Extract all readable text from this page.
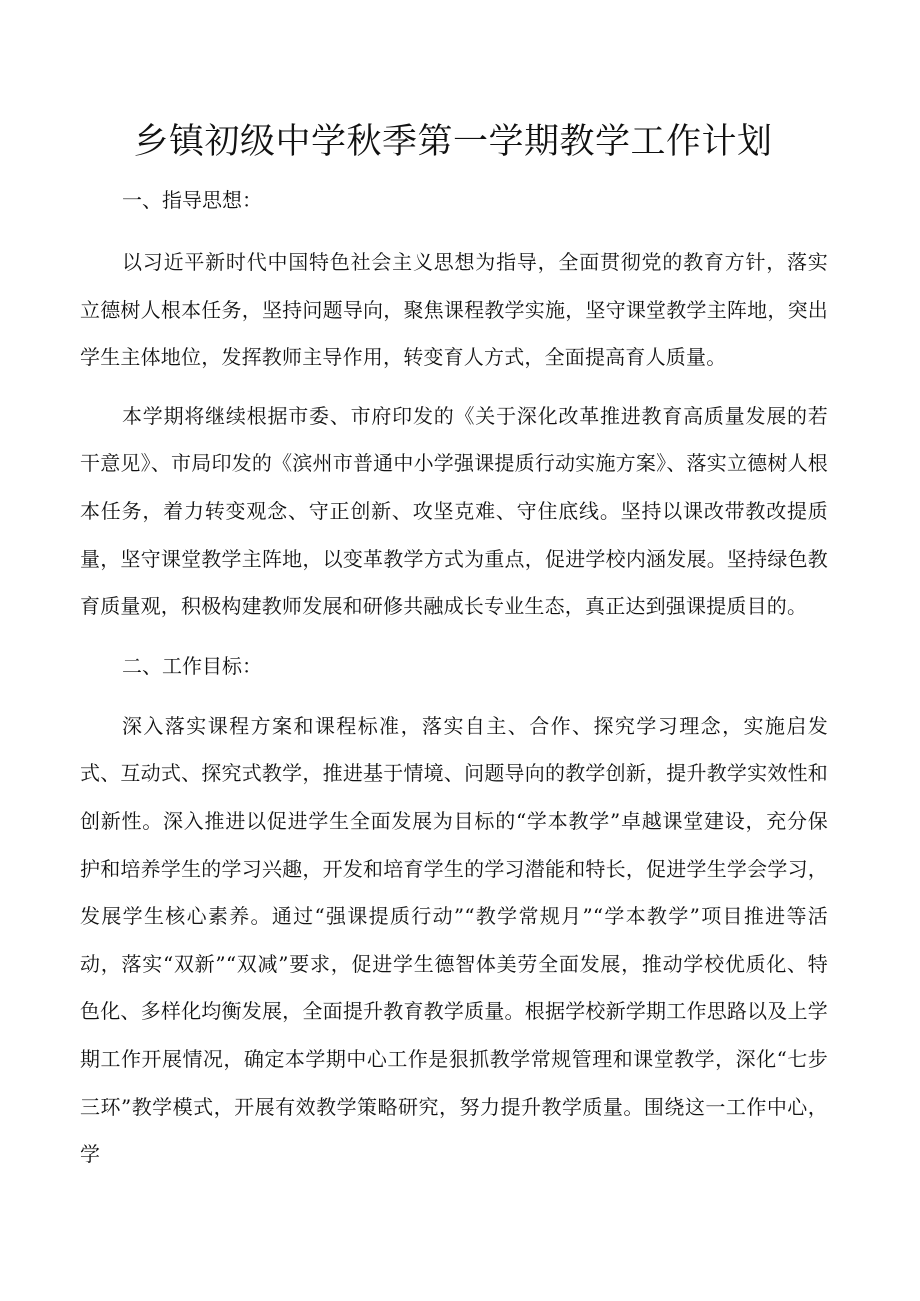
乡镇初级中学秋季第一学期教学工作计划
一、指导思想：

以习近平新时代中国特色社会主义思想为指导，全面贯彻党的教育方针，落实立德树人根本任务，坚持问题导向，聚焦课程教学实施，坚守课堂教学主阵地，突出学生主体地位，发挥教师主导作用，转变育人方式，全面提高育人质量。

本学期将继续根据市委、市府印发的《关于深化改革推进教育高质量发展的若干意见》、市局印发的《滨州市普通中小学强课提质行动实施方案》、落实立德树人根本任务，着力转变观念、守正创新、攻坚克难、守住底线。坚持以课改带教改提质量，坚守课堂教学主阵地，以变革教学方式为重点，促进学校内涵发展。坚持绿色教育质量观，积极构建教师发展和研修共融成长专业生态，真正达到强课提质目的。

二、工作目标：

深入落实课程方案和课程标准，落实自主、合作、探究学习理念，实施启发式、互动式、探究式教学，推进基于情境、问题导向的教学创新，提升教学实效性和创新性。深入推进以促进学生全面发展为目标的“学本教学”卓越课堂建设，充分保护和培养学生的学习兴趣，开发和培育学生的学习潜能和特长，促进学生学会学习，发展学生核心素养。通过“强课提质行动”“教学常规月”“学本教学”项目推进等活动，落实“双新”“双减”要求，促进学生德智体美劳全面发展，推动学校优质化、特色化、多样化均衡发展，全面提升教育教学质量。根据学校新学期工作思路以及上学期工作开展情况，确定本学期中心工作是狠抓教学常规管理和课堂教学，深化“七步三环”教学模式，开展有效教学策略研究，努力提升教学质量。围绕这一工作中心，学
